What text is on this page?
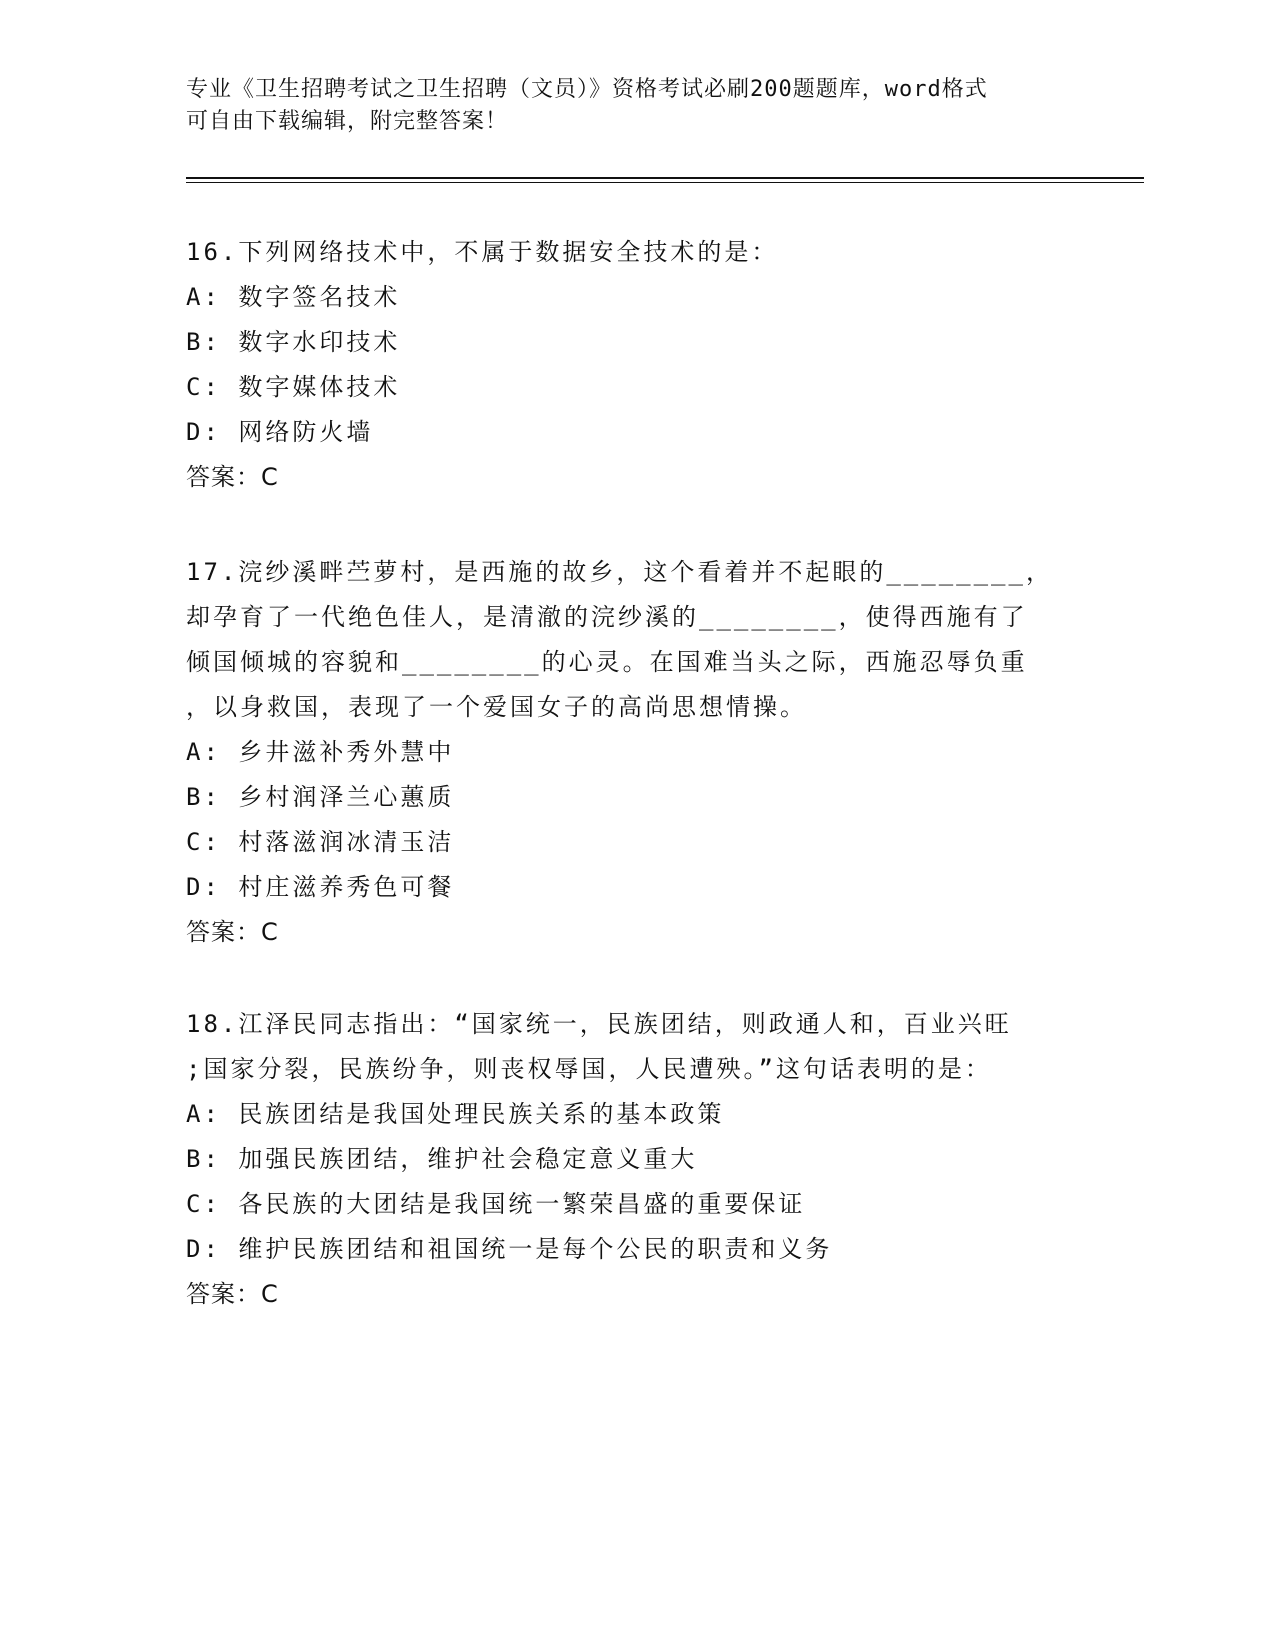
专业《卫生招聘考试之卫生招聘（文员）》资格考试必刷200题题库，word格式
可自由下载编辑，附完整答案！
16.下列网络技术中，不属于数据安全技术的是：
A: 数字签名技术
B: 数字水印技术
C: 数字媒体技术
D: 网络防火墙
答案：C
17.浣纱溪畔苎萝村，是西施的故乡，这个看着并不起眼的________，
却孕育了一代绝色佳人，是清澈的浣纱溪的________，使得西施有了
倾国倾城的容貌和________的心灵。在国难当头之际，西施忍辱负重
，以身救国，表现了一个爱国女子的高尚思想情操。
A: 乡井滋补秀外慧中
B: 乡村润泽兰心蕙质
C: 村落滋润冰清玉洁
D: 村庄滋养秀色可餐
答案：C
18.江泽民同志指出：“国家统一，民族团结，则政通人和，百业兴旺
;国家分裂，民族纷争，则丧权辱国，人民遭殃。”这句话表明的是：
A: 民族团结是我国处理民族关系的基本政策
B: 加强民族团结，维护社会稳定意义重大
C: 各民族的大团结是我国统一繁荣昌盛的重要保证
D: 维护民族团结和祖国统一是每个公民的职责和义务
答案：C
